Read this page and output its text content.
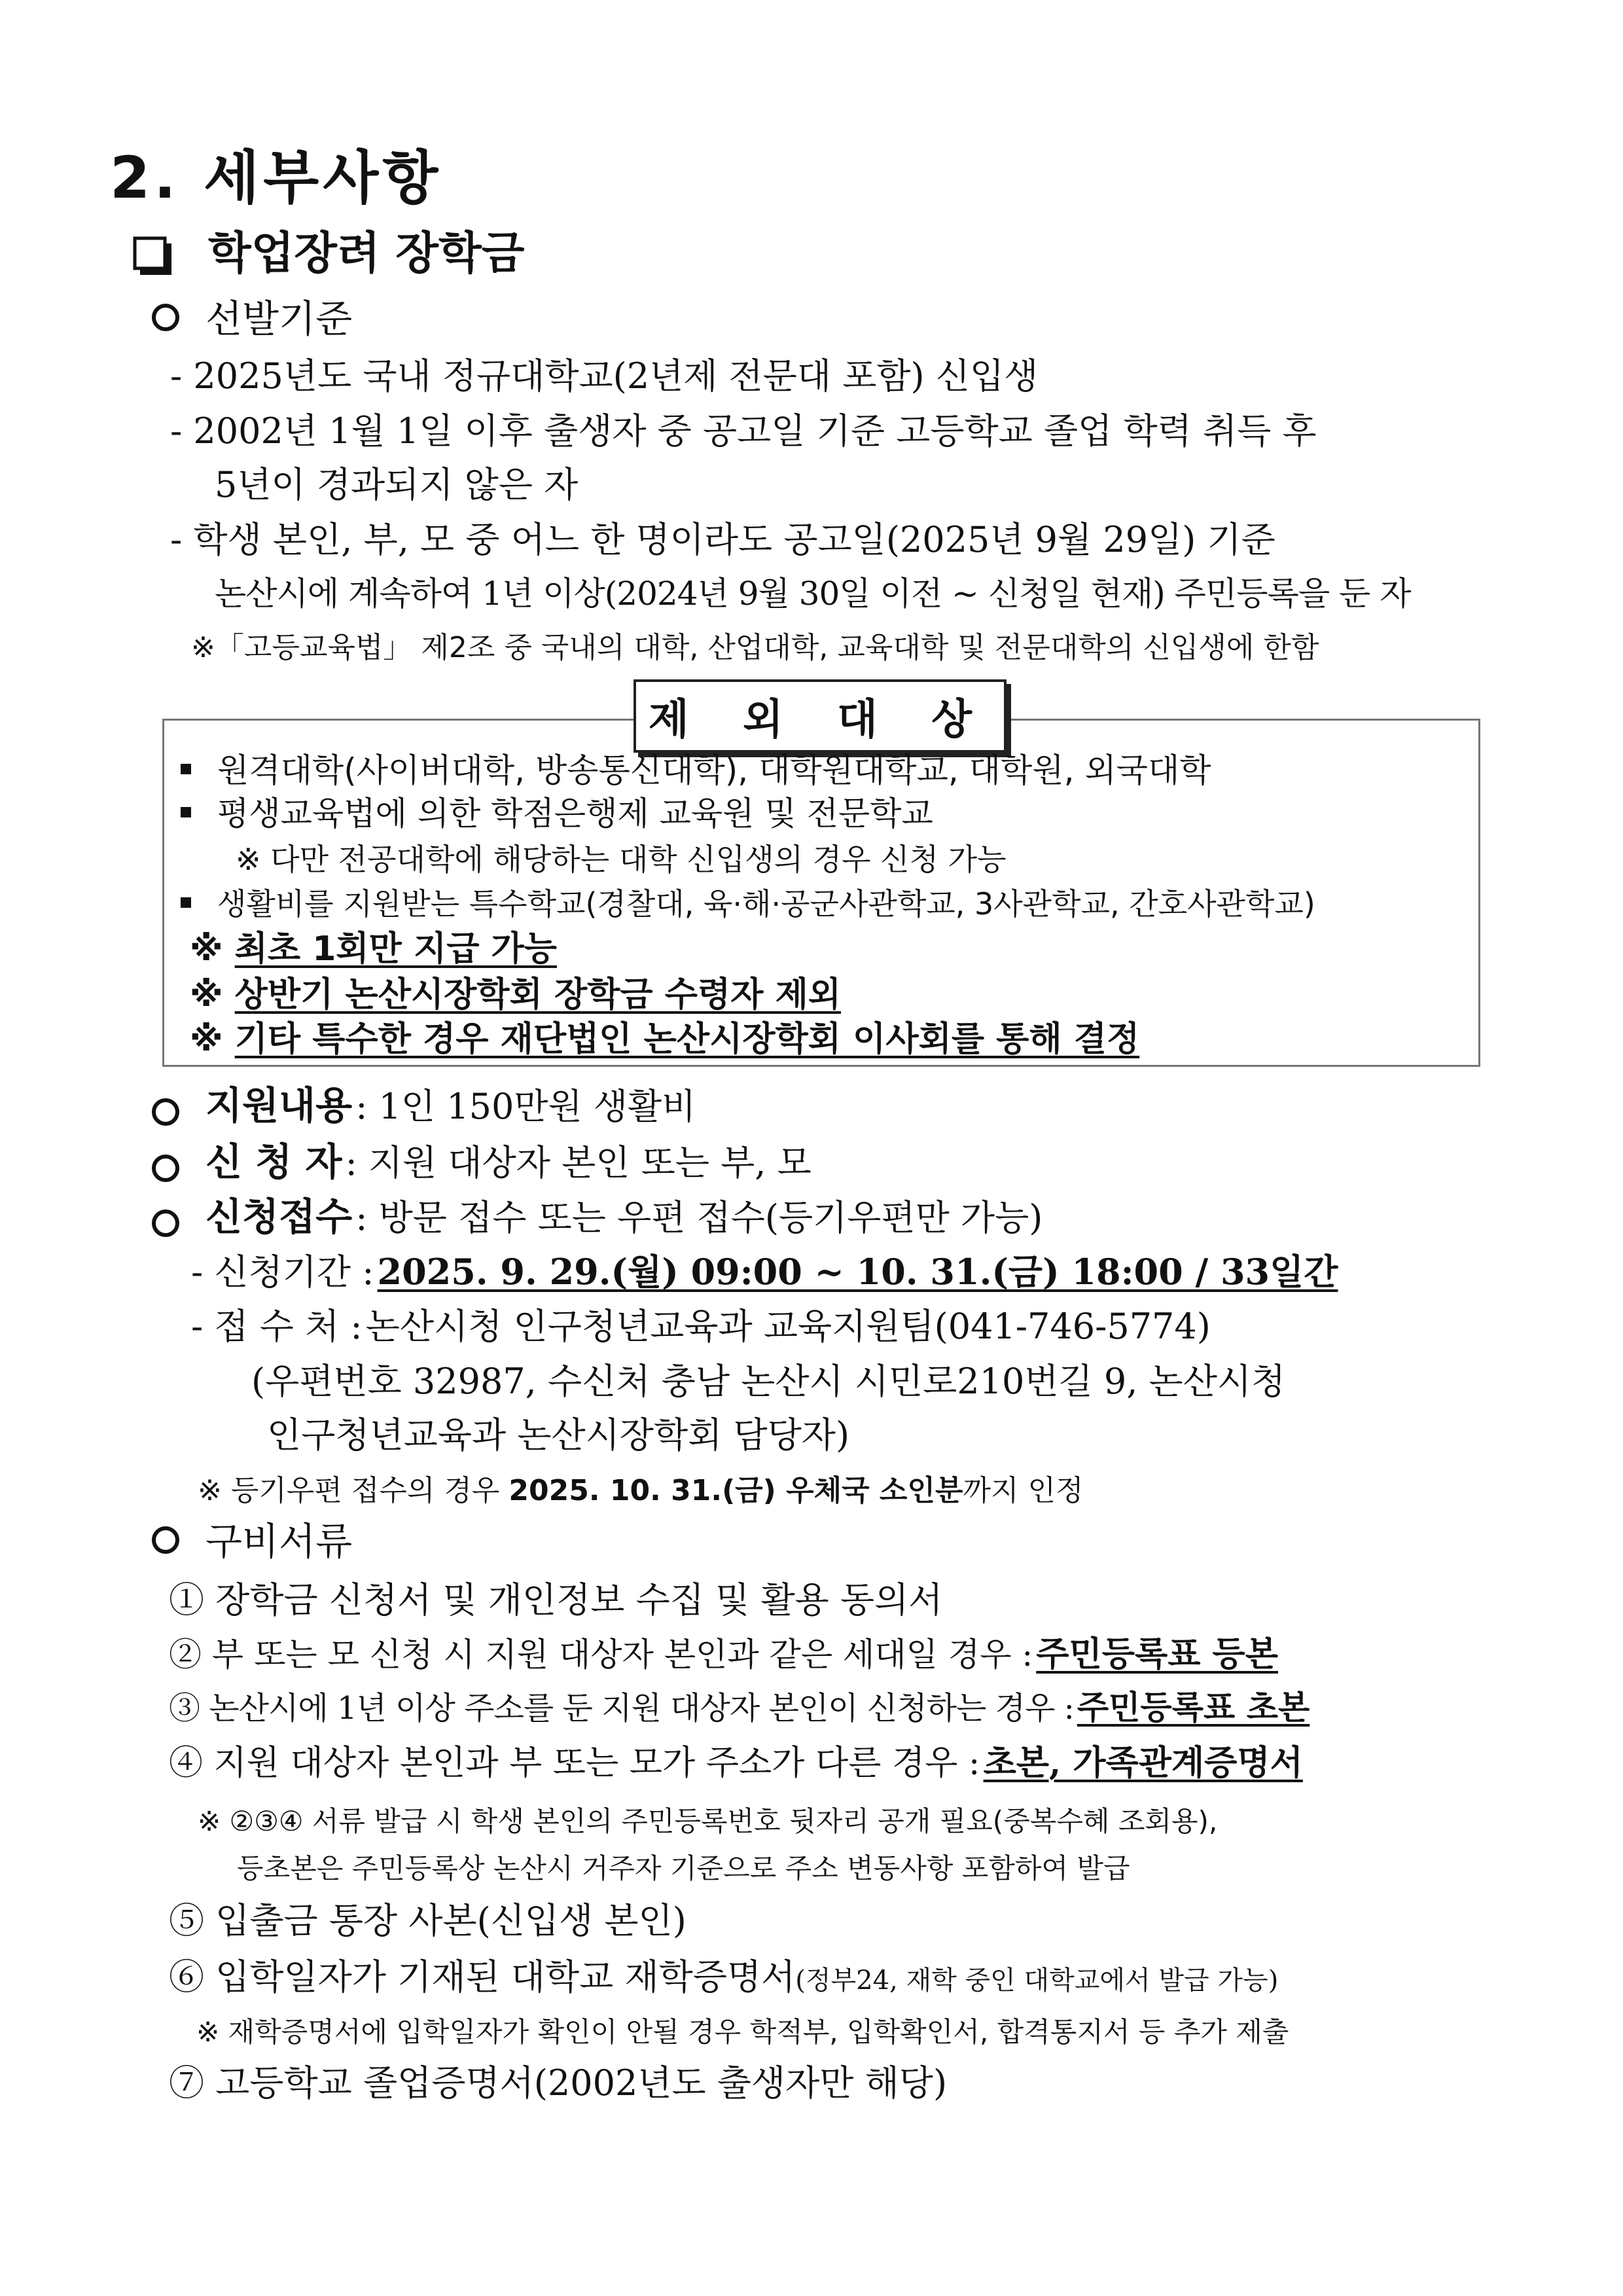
2. 세부사항
학업장려 장학금
선발기준
- 2025년도 국내 정규대학교(2년제 전문대 포함) 신입생
- 2002년 1월 1일 이후 출생자 중 공고일 기준 고등학교 졸업 학력 취득 후
5년이 경과되지 않은 자
- 학생 본인, 부, 모 중 어느 한 명이라도 공고일(2025년 9월 29일) 기준
논산시에 계속하여 1년 이상(2024년 9월 30일 이전 ~ 신청일 현재) 주민등록을 둔 자
※「고등교육법」 제2조 중 국내의 대학, 산업대학, 교육대학 및 전문대학의 신입생에 한함
제 외 대 상
원격대학(사이버대학, 방송통신대학), 대학원대학교, 대학원, 외국대학
평생교육법에 의한 학점은행제 교육원 및 전문학교
※ 다만 전공대학에 해당하는 대학 신입생의 경우 신청 가능
생활비를 지원받는 특수학교(경찰대, 육·해·공군사관학교, 3사관학교, 간호사관학교)
※ 최초 1회만 지급 가능
※ 상반기 논산시장학회 장학금 수령자 제외
※ 기타 특수한 경우 재단법인 논산시장학회 이사회를 통해 결정
지원내용 : 1인 150만원 생활비
신 청 자 : 지원 대상자 본인 또는 부, 모
신청접수 : 방문 접수 또는 우편 접수(등기우편만 가능)
- 신청기간 : 2025. 9. 29.(월) 09:00 ~ 10. 31.(금) 18:00 / 33일간
- 접 수 처 : 논산시청 인구청년교육과 교육지원팀(041-746-5774)
(우편번호 32987, 수신처 충남 논산시 시민로210번길 9, 논산시청
인구청년교육과 논산시장학회 담당자)
※ 등기우편 접수의 경우 2025. 10. 31.(금) 우체국 소인분까지 인정
구비서류
① 장학금 신청서 및 개인정보 수집 및 활용 동의서
② 부 또는 모 신청 시 지원 대상자 본인과 같은 세대일 경우 : 주민등록표 등본
③ 논산시에 1년 이상 주소를 둔 지원 대상자 본인이 신청하는 경우 : 주민등록표 초본
④ 지원 대상자 본인과 부 또는 모가 주소가 다른 경우 : 초본, 가족관계증명서
※ ②③④ 서류 발급 시 학생 본인의 주민등록번호 뒷자리 공개 필요(중복수혜 조회용),
등초본은 주민등록상 논산시 거주자 기준으로 주소 변동사항 포함하여 발급
⑤ 입출금 통장 사본(신입생 본인)
⑥ 입학일자가 기재된 대학교 재학증명서(정부24, 재학 중인 대학교에서 발급 가능)
※ 재학증명서에 입학일자가 확인이 안될 경우 학적부, 입학확인서, 합격통지서 등 추가 제출
⑦ 고등학교 졸업증명서(2002년도 출생자만 해당)
